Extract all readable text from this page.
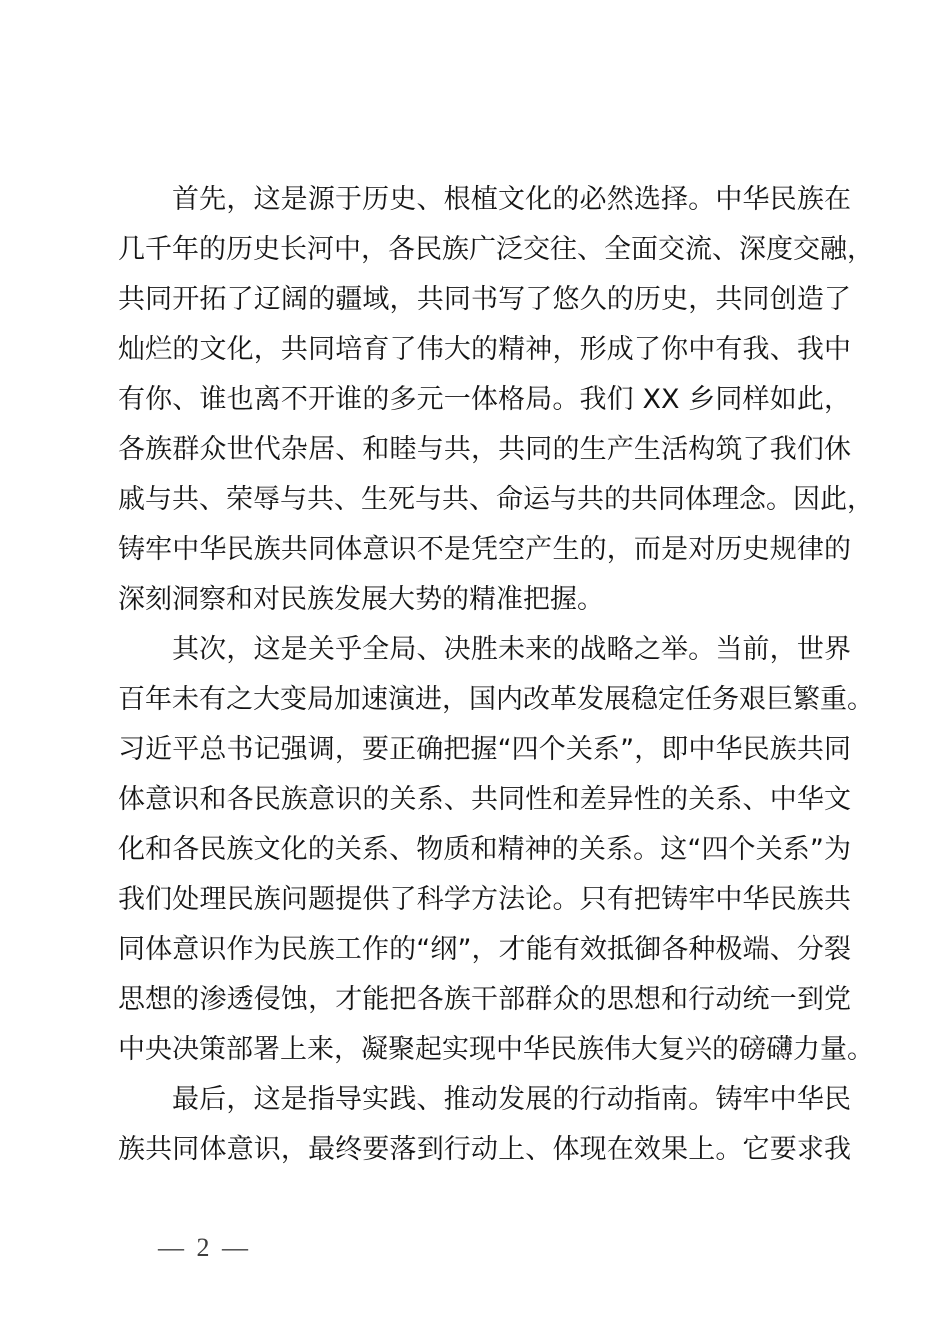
首先，这是源于历史、根植文化的必然选择。中华民族在
几千年的历史长河中，各民族广泛交往、全面交流、深度交融，
共同开拓了辽阔的疆域，共同书写了悠久的历史，共同创造了
灿烂的文化，共同培育了伟大的精神，形成了你中有我、我中
有你、谁也离不开谁的多元一体格局。我们 XX 乡同样如此，
各族群众世代杂居、和睦与共，共同的生产生活构筑了我们休
戚与共、荣辱与共、生死与共、命运与共的共同体理念。因此，
铸牢中华民族共同体意识不是凭空产生的，而是对历史规律的
深刻洞察和对民族发展大势的精准把握。
其次，这是关乎全局、决胜未来的战略之举。当前，世界
百年未有之大变局加速演进，国内改革发展稳定任务艰巨繁重。
习近平总书记强调，要正确把握“四个关系”，即中华民族共同
体意识和各民族意识的关系、共同性和差异性的关系、中华文
化和各民族文化的关系、物质和精神的关系。这“四个关系”为
我们处理民族问题提供了科学方法论。只有把铸牢中华民族共
同体意识作为民族工作的“纲”，才能有效抵御各种极端、分裂
思想的渗透侵蚀，才能把各族干部群众的思想和行动统一到党
中央决策部署上来，凝聚起实现中华民族伟大复兴的磅礴力量。
最后，这是指导实践、推动发展的行动指南。铸牢中华民
族共同体意识，最终要落到行动上、体现在效果上。它要求我
— 2 —
